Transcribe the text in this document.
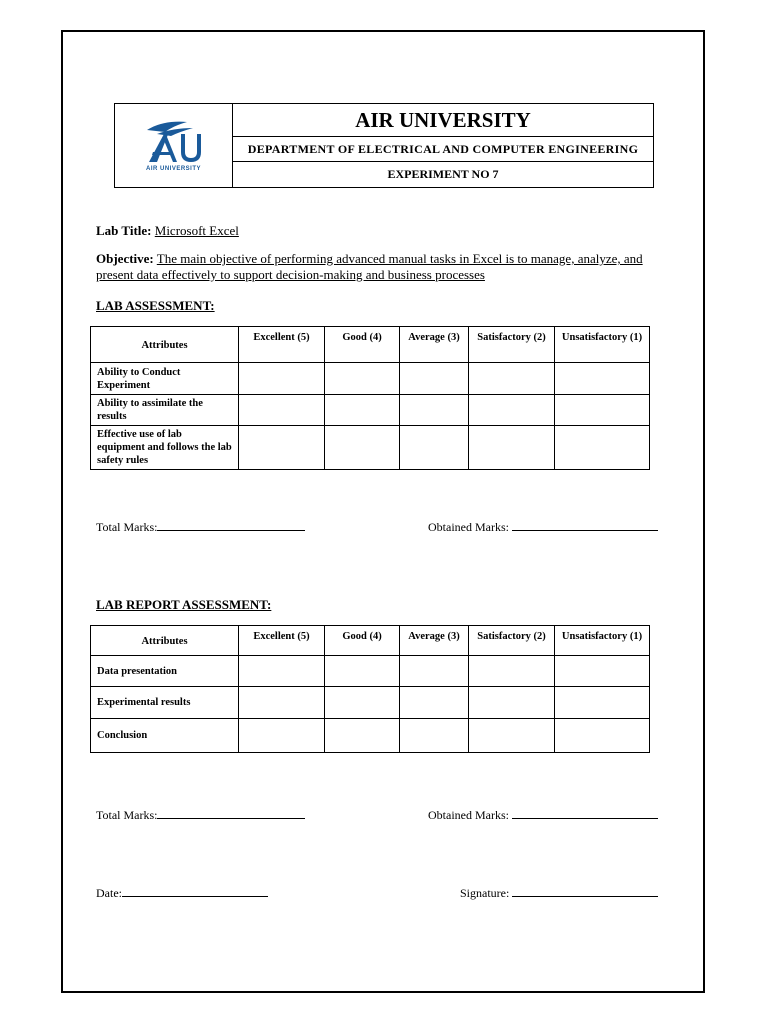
AIR UNIVERSITY
AIR UNIVERSITY
DEPARTMENT OF ELECTRICAL AND COMPUTER ENGINEERING
EXPERIMENT NO 7
Lab Title: Microsoft Excel
Objective: The main objective of performing advanced manual tasks in Excel is to manage, analyze, and present data effectively to support decision-making and business processes
LAB ASSESSMENT:
Attributes	Excellent (5)	Good (4)	Average (3)	Satisfactory (2)	Unsatisfactory (1)
Ability to Conduct Experiment					
Ability to assimilate the results					
Effective use of lab equipment and follows the lab safety rules					
Total Marks:	Obtained Marks:
LAB REPORT ASSESSMENT:
Attributes	Excellent (5)	Good (4)	Average (3)	Satisfactory (2)	Unsatisfactory (1)
Data presentation					
Experimental results					
Conclusion					
Total Marks:	Obtained Marks:
Date:	Signature:
